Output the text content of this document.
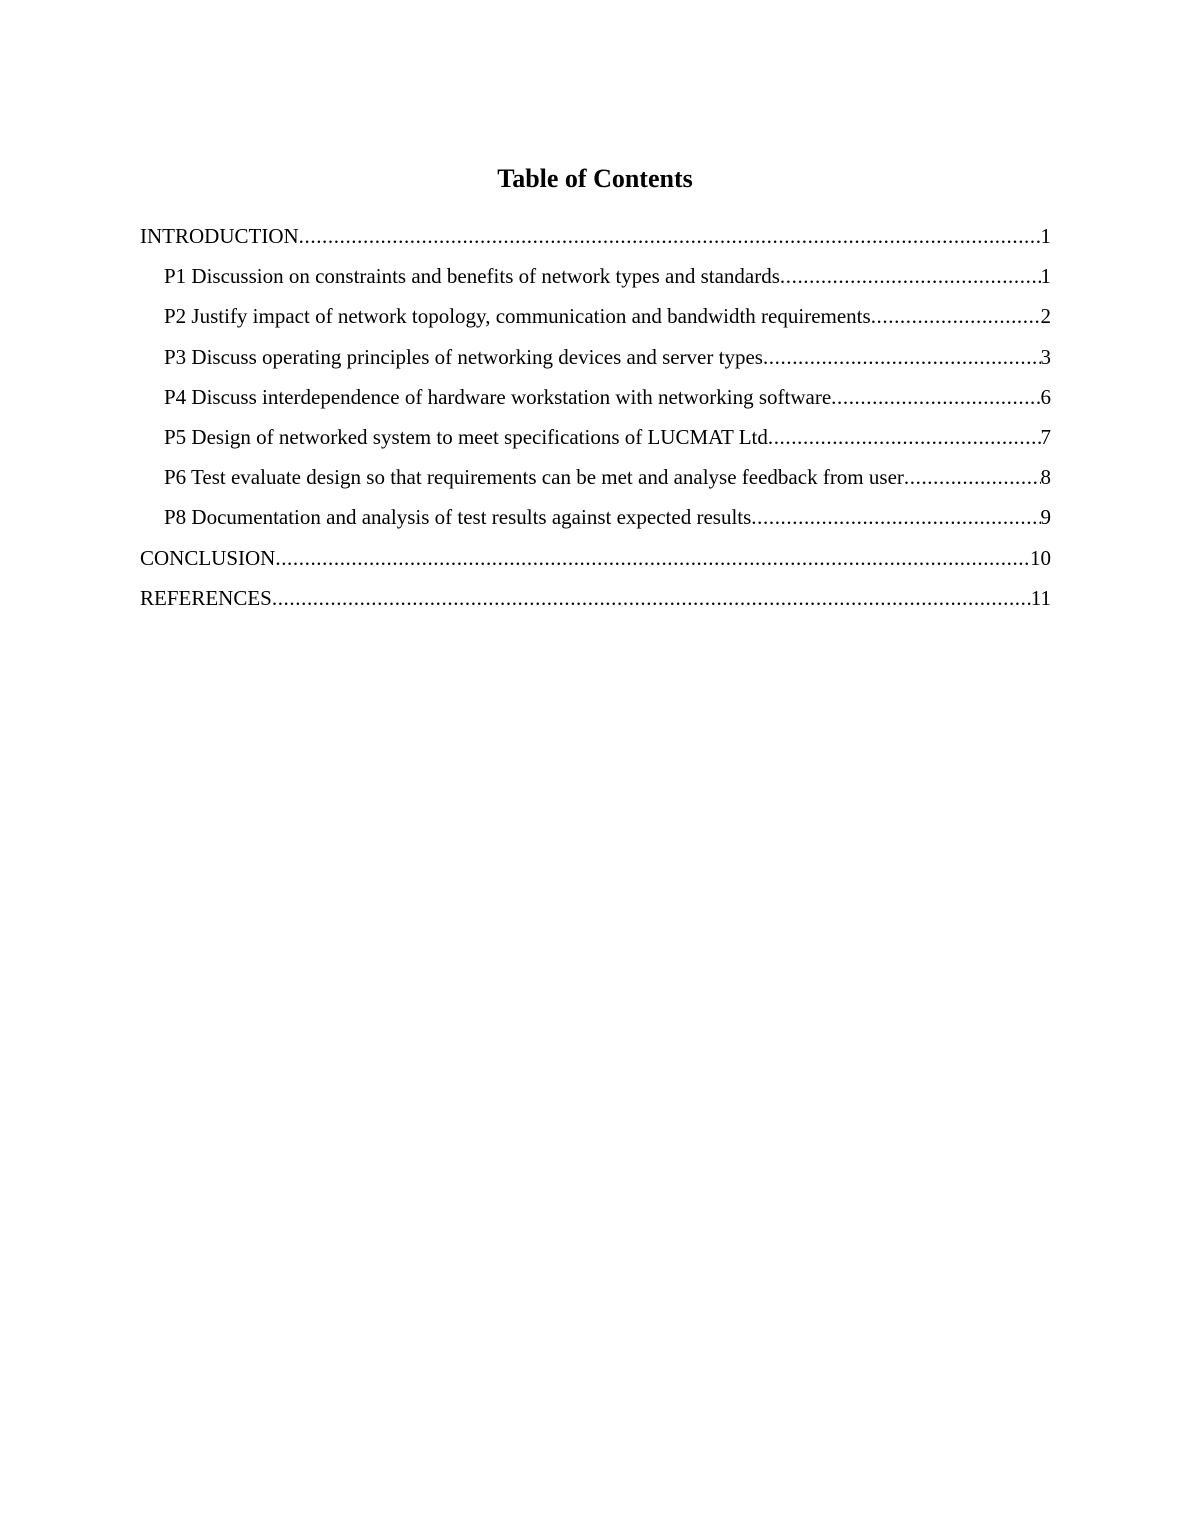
Table of Contents
INTRODUCTION .....	1
P1 Discussion on constraints and benefits of network types and standards .....	1
P2 Justify impact of network topology, communication and bandwidth requirements .....	2
P3 Discuss operating principles of networking devices and server types .....	3
P4 Discuss interdependence of hardware workstation with networking software .....	6
P5 Design of networked system to meet specifications of LUCMAT Ltd .....	7
P6 Test evaluate design so that requirements can be met and analyse feedback from user .....	8
P8 Documentation and analysis of test results against expected results .....	9
CONCLUSION .....	10
REFERENCES .....	11
